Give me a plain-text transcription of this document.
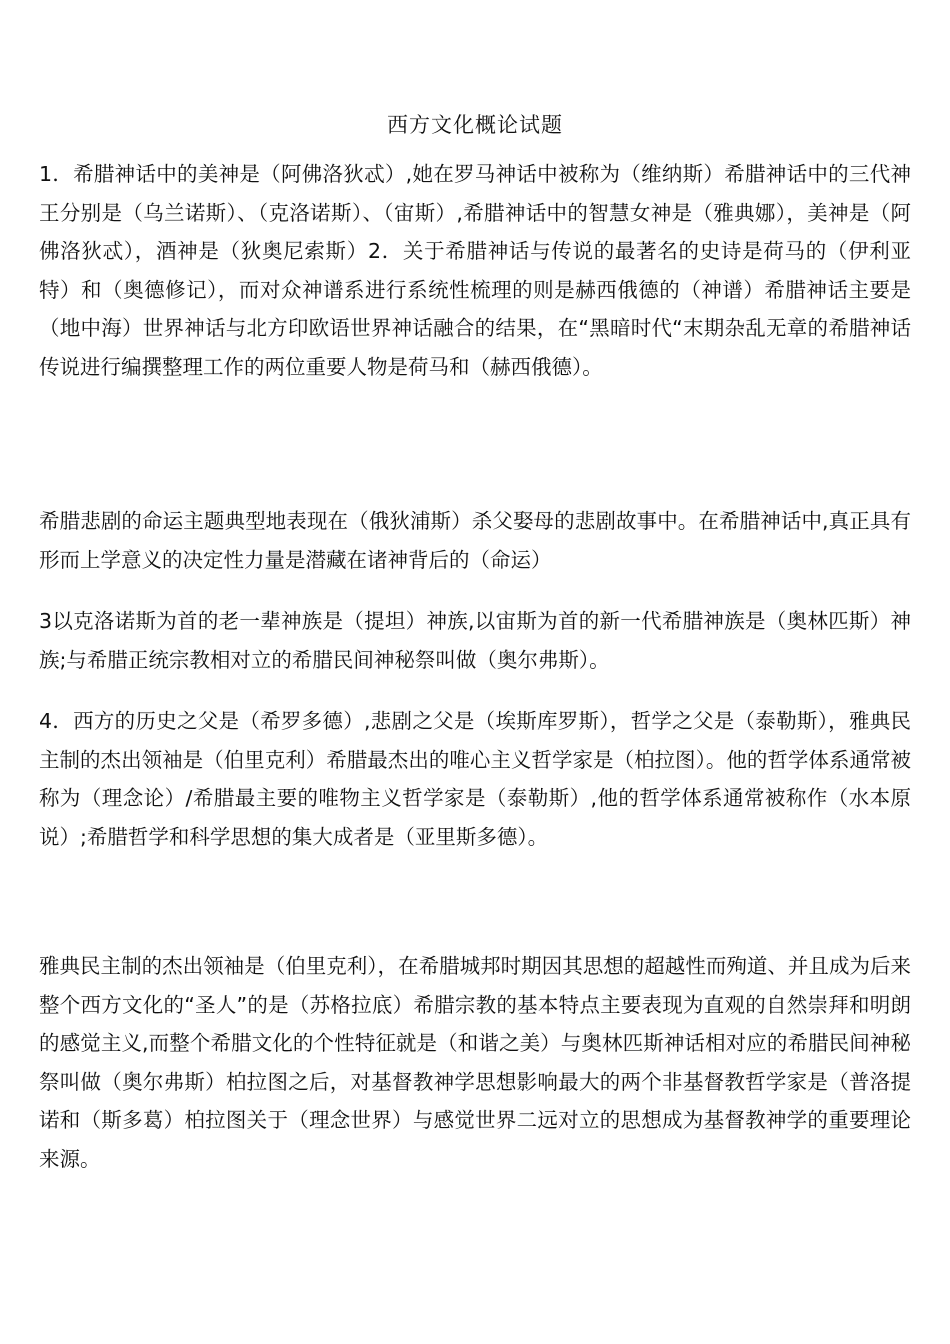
西方文化概论试题

1．希腊神话中的美神是（阿佛洛狄忒）,她在罗马神话中被称为（维纳斯）希腊神话中的三代神王分别是（乌兰诺斯）、（克洛诺斯）、（宙斯）,希腊神话中的智慧女神是（雅典娜），美神是（阿佛洛狄忒），酒神是（狄奥尼索斯）2．关于希腊神话与传说的最著名的史诗是荷马的（伊利亚特）和（奥德修记），而对众神谱系进行系统性梳理的则是赫西俄德的（神谱）希腊神话主要是（地中海）世界神话与北方印欧语世界神话融合的结果，在“黑暗时代“末期杂乱无章的希腊神话传说进行编撰整理工作的两位重要人物是荷马和（赫西俄德）。

希腊悲剧的命运主题典型地表现在（俄狄浦斯）杀父娶母的悲剧故事中。在希腊神话中,真正具有形而上学意义的决定性力量是潜藏在诸神背后的（命运）

3以克洛诺斯为首的老一辈神族是（提坦）神族,以宙斯为首的新一代希腊神族是（奥林匹斯）神族;与希腊正统宗教相对立的希腊民间神秘祭叫做（奥尔弗斯）。

4．西方的历史之父是（希罗多德）,悲剧之父是（埃斯库罗斯），哲学之父是（泰勒斯），雅典民主制的杰出领袖是（伯里克利）希腊最杰出的唯心主义哲学家是（柏拉图）。他的哲学体系通常被称为（理念论）/希腊最主要的唯物主义哲学家是（泰勒斯）,他的哲学体系通常被称作（水本原说）;希腊哲学和科学思想的集大成者是（亚里斯多德）。

雅典民主制的杰出领袖是（伯里克利），在希腊城邦时期因其思想的超越性而殉道、并且成为后来整个西方文化的“圣人”的是（苏格拉底）希腊宗教的基本特点主要表现为直观的自然崇拜和明朗的感觉主义,而整个希腊文化的个性特征就是（和谐之美）与奥林匹斯神话相对应的希腊民间神秘祭叫做（奥尔弗斯）柏拉图之后，对基督教神学思想影响最大的两个非基督教哲学家是（普洛提诺和（斯多葛）柏拉图关于（理念世界）与感觉世界二远对立的思想成为基督教神学的重要理论来源。
